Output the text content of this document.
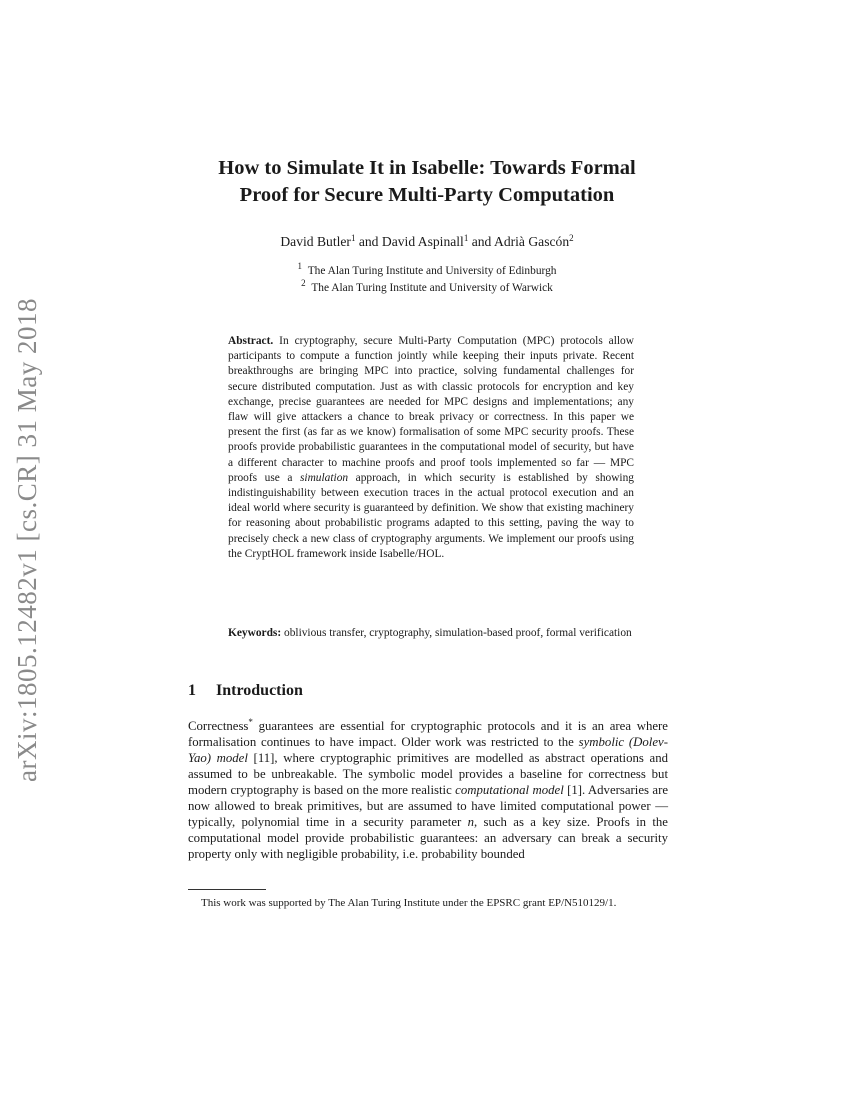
arXiv:1805.12482v1 [cs.CR] 31 May 2018
How to Simulate It in Isabelle: Towards Formal
Proof for Secure Multi-Party Computation
David Butler$^1$ and David Aspinall$^1$ and Adrià Gascón$^2$
$^1$ The Alan Turing Institute and University of Edinburgh
$^2$ The Alan Turing Institute and University of Warwick

Abstract. In cryptography, secure Multi-Party Computation (MPC) protocols allow participants to compute a function jointly while keeping their inputs private. Recent breakthroughs are bringing MPC into practice, solving fundamental challenges for secure distributed computation. Just as with classic protocols for encryption and key exchange, precise guarantees are needed for MPC designs and implementations; any flaw will give attackers a chance to break privacy or correctness. In this paper we present the first (as far as we know) formalisation of some MPC security proofs. These proofs provide probabilistic guarantees in the computational model of security, but have a different character to machine proofs and proof tools implemented so far — MPC proofs use a simulation approach, in which security is established by showing indistinguishability between execution traces in the actual protocol execution and an ideal world where security is guaranteed by definition. We show that existing machinery for reasoning about probabilistic programs adapted to this setting, paving the way to precisely check a new class of cryptography arguments. We implement our proofs using the CryptHOL framework inside Isabelle/HOL.

Keywords: oblivious transfer, cryptography, simulation-based proof, formal verification

1 Introduction

Correctness* guarantees are essential for cryptographic protocols and it is an area where formalisation continues to have impact. Older work was restricted to the symbolic (Dolev-Yao) model [11], where cryptographic primitives are modelled as abstract operations and assumed to be unbreakable. The symbolic model provides a baseline for correctness but modern cryptography is based on the more realistic computational model [1]. Adversaries are now allowed to break primitives, but are assumed to have limited computational power — typically, polynomial time in a security parameter n, such as a key size. Proofs in the computational model provide probabilistic guarantees: an adversary can break a security property only with negligible probability, i.e. probability bounded

This work was supported by The Alan Turing Institute under the EPSRC grant EP/N510129/1.
